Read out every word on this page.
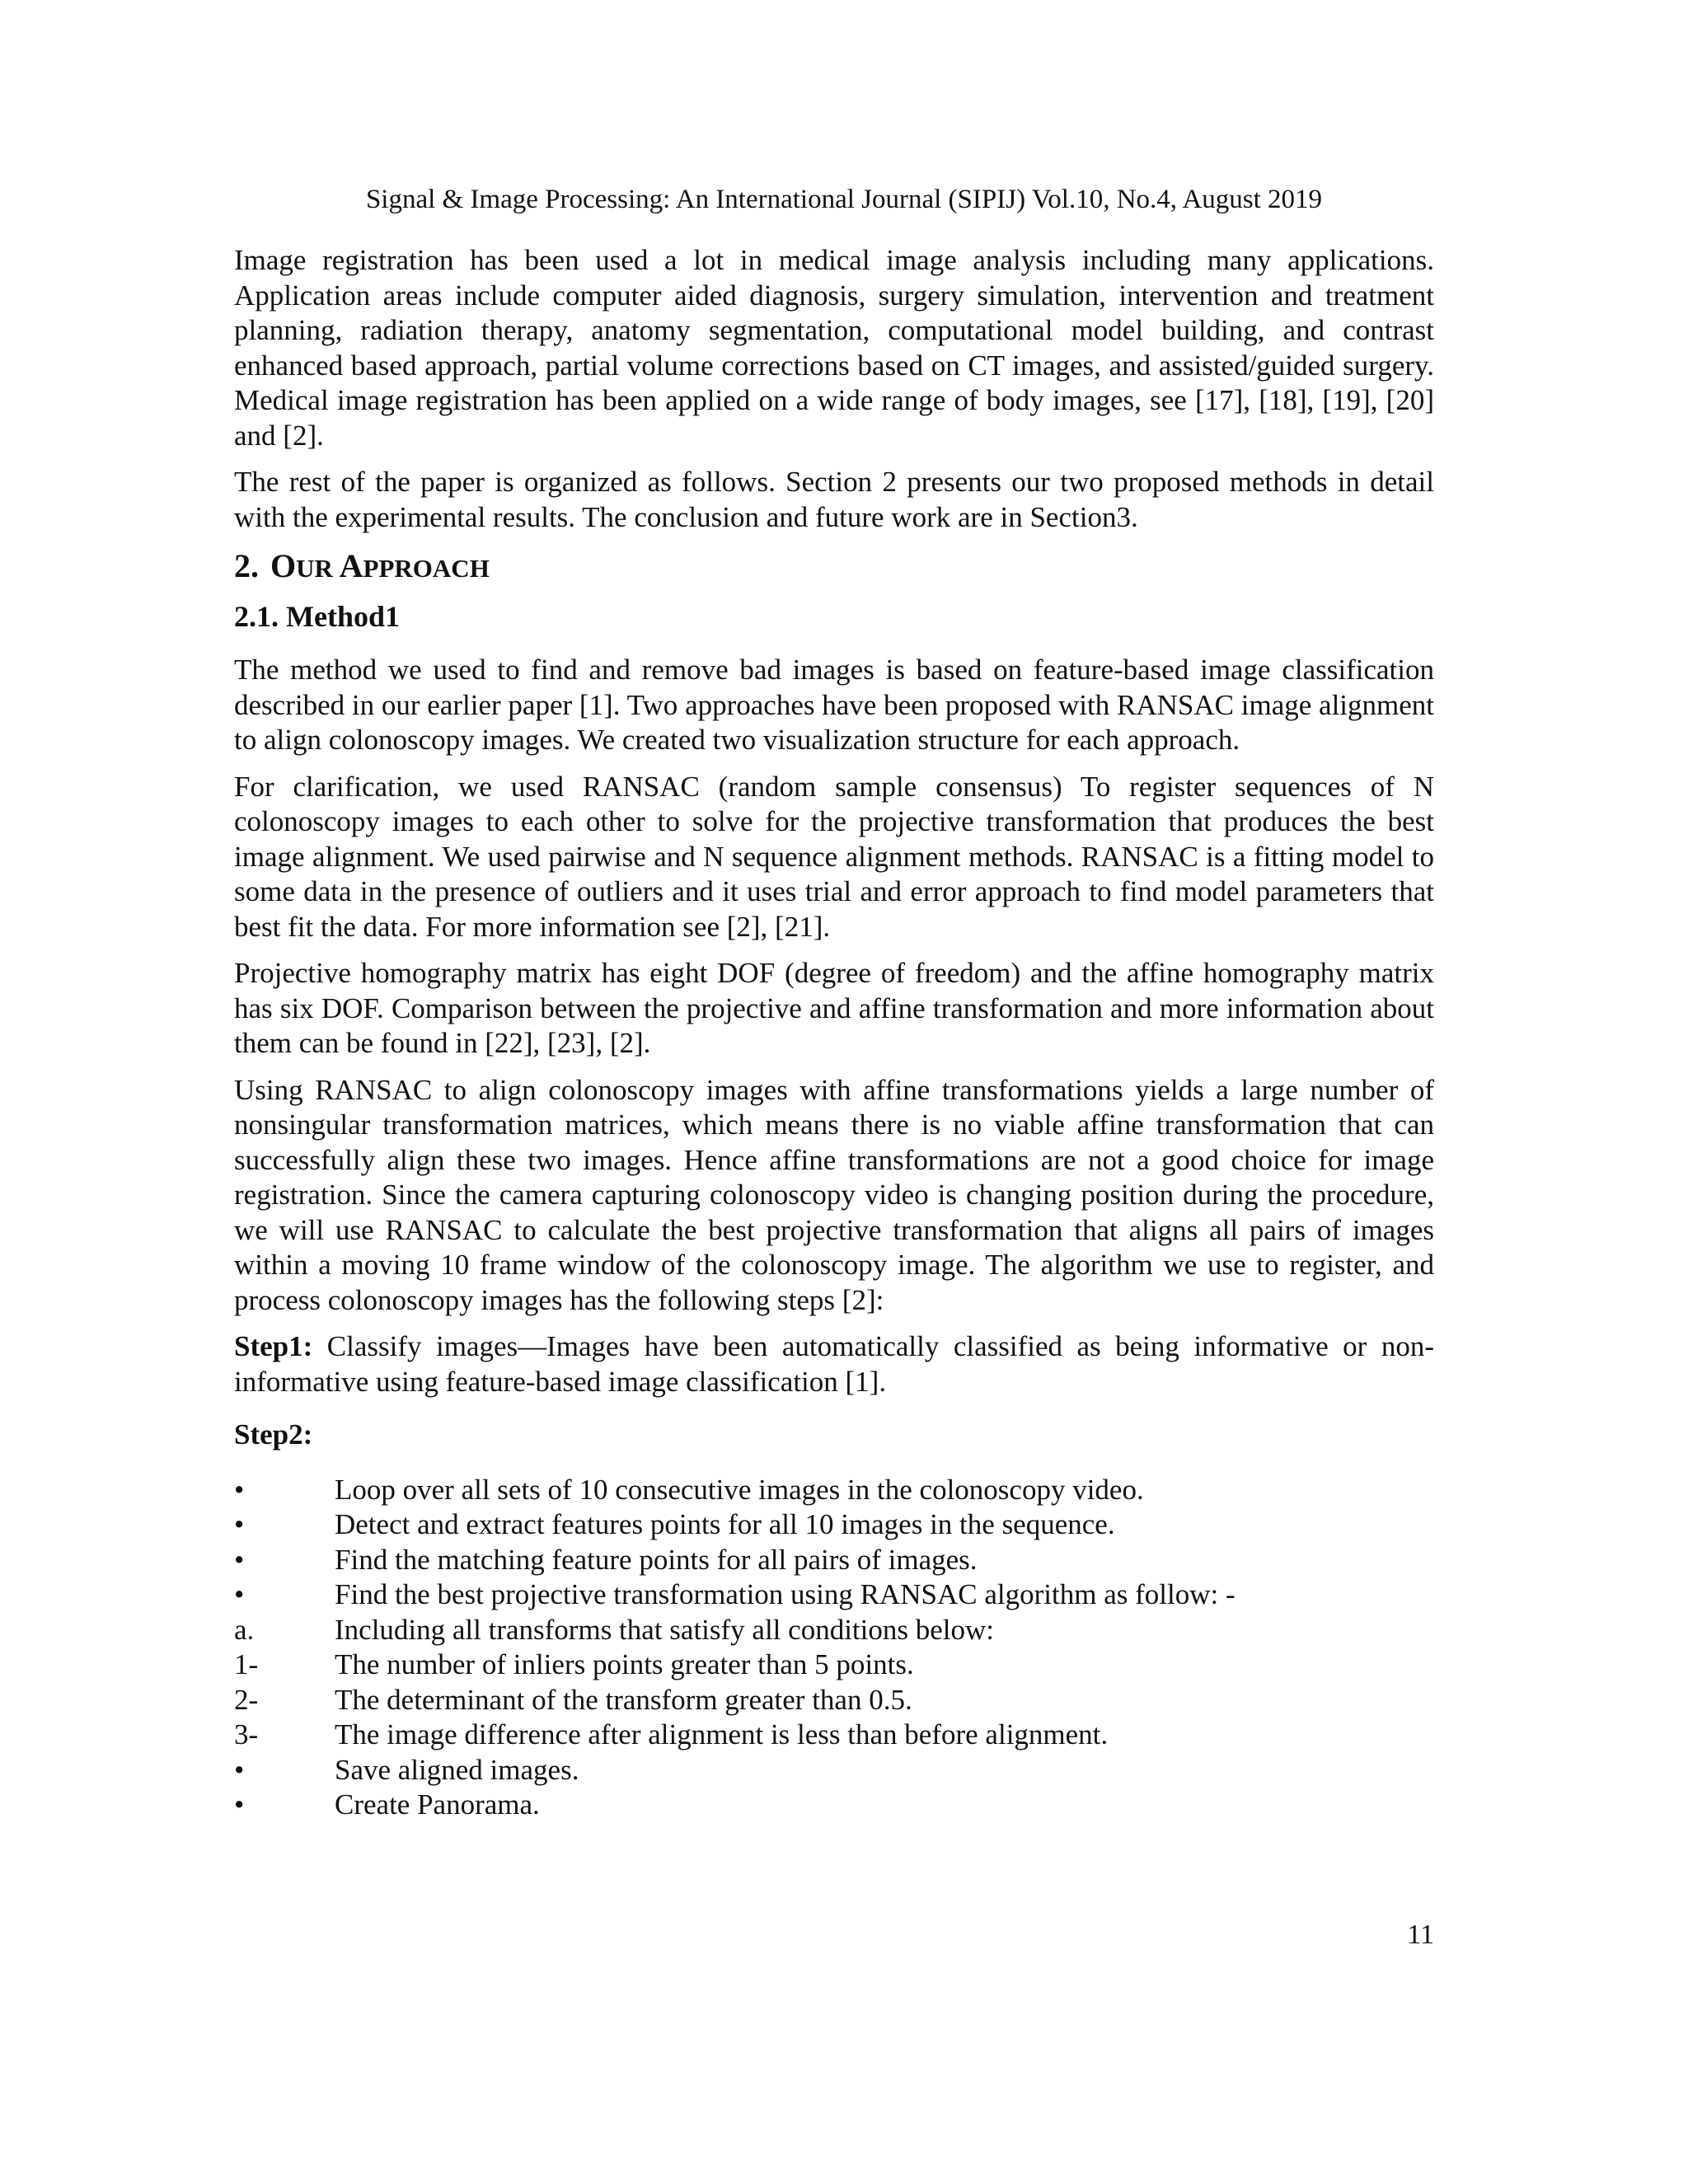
Signal & Image Processing: An International Journal (SIPIJ) Vol.10, No.4, August 2019

Image registration has been used a lot in medical image analysis including many applications. Application areas include computer aided diagnosis, surgery simulation, intervention and treatment planning, radiation therapy, anatomy segmentation, computational model building, and contrast enhanced based approach, partial volume corrections based on CT images, and assisted/guided surgery. Medical image registration has been applied on a wide range of body images, see [17], [18], [19], [20] and [2].

The rest of the paper is organized as follows. Section 2 presents our two proposed methods in detail with the experimental results. The conclusion and future work are in Section3.

2. OUR APPROACH
2.1. Method1

The method we used to find and remove bad images is based on feature-based image classification described in our earlier paper [1]. Two approaches have been proposed with RANSAC image alignment to align colonoscopy images. We created two visualization structure for each approach.

For clarification, we used RANSAC (random sample consensus) To register sequences of N colonoscopy images to each other to solve for the projective transformation that produces the best image alignment. We used pairwise and N sequence alignment methods. RANSAC is a fitting model to some data in the presence of outliers and it uses trial and error approach to find model parameters that best fit the data. For more information see [2], [21].

Projective homography matrix has eight DOF (degree of freedom) and the affine homography matrix has six DOF. Comparison between the projective and affine transformation and more information about them can be found in [22], [23], [2].

Using RANSAC to align colonoscopy images with affine transformations yields a large number of nonsingular transformation matrices, which means there is no viable affine transformation that can successfully align these two images. Hence affine transformations are not a good choice for image registration. Since the camera capturing colonoscopy video is changing position during the procedure, we will use RANSAC to calculate the best projective transformation that aligns all pairs of images within a moving 10 frame window of the colonoscopy image. The algorithm we use to register, and process colonoscopy images has the following steps [2]:

Step1: Classify images—Images have been automatically classified as being informative or non-informative using feature-based image classification [1].

Step2:
•	Loop over all sets of 10 consecutive images in the colonoscopy video.
•	Detect and extract features points for all 10 images in the sequence.
•	Find the matching feature points for all pairs of images.
•	Find the best projective transformation using RANSAC algorithm as follow: -
a.	Including all transforms that satisfy all conditions below:
1-	The number of inliers points greater than 5 points.
2-	The determinant of the transform greater than 0.5.
3-	The image difference after alignment is less than before alignment.
•	Save aligned images.
•	Create Panorama.
11
